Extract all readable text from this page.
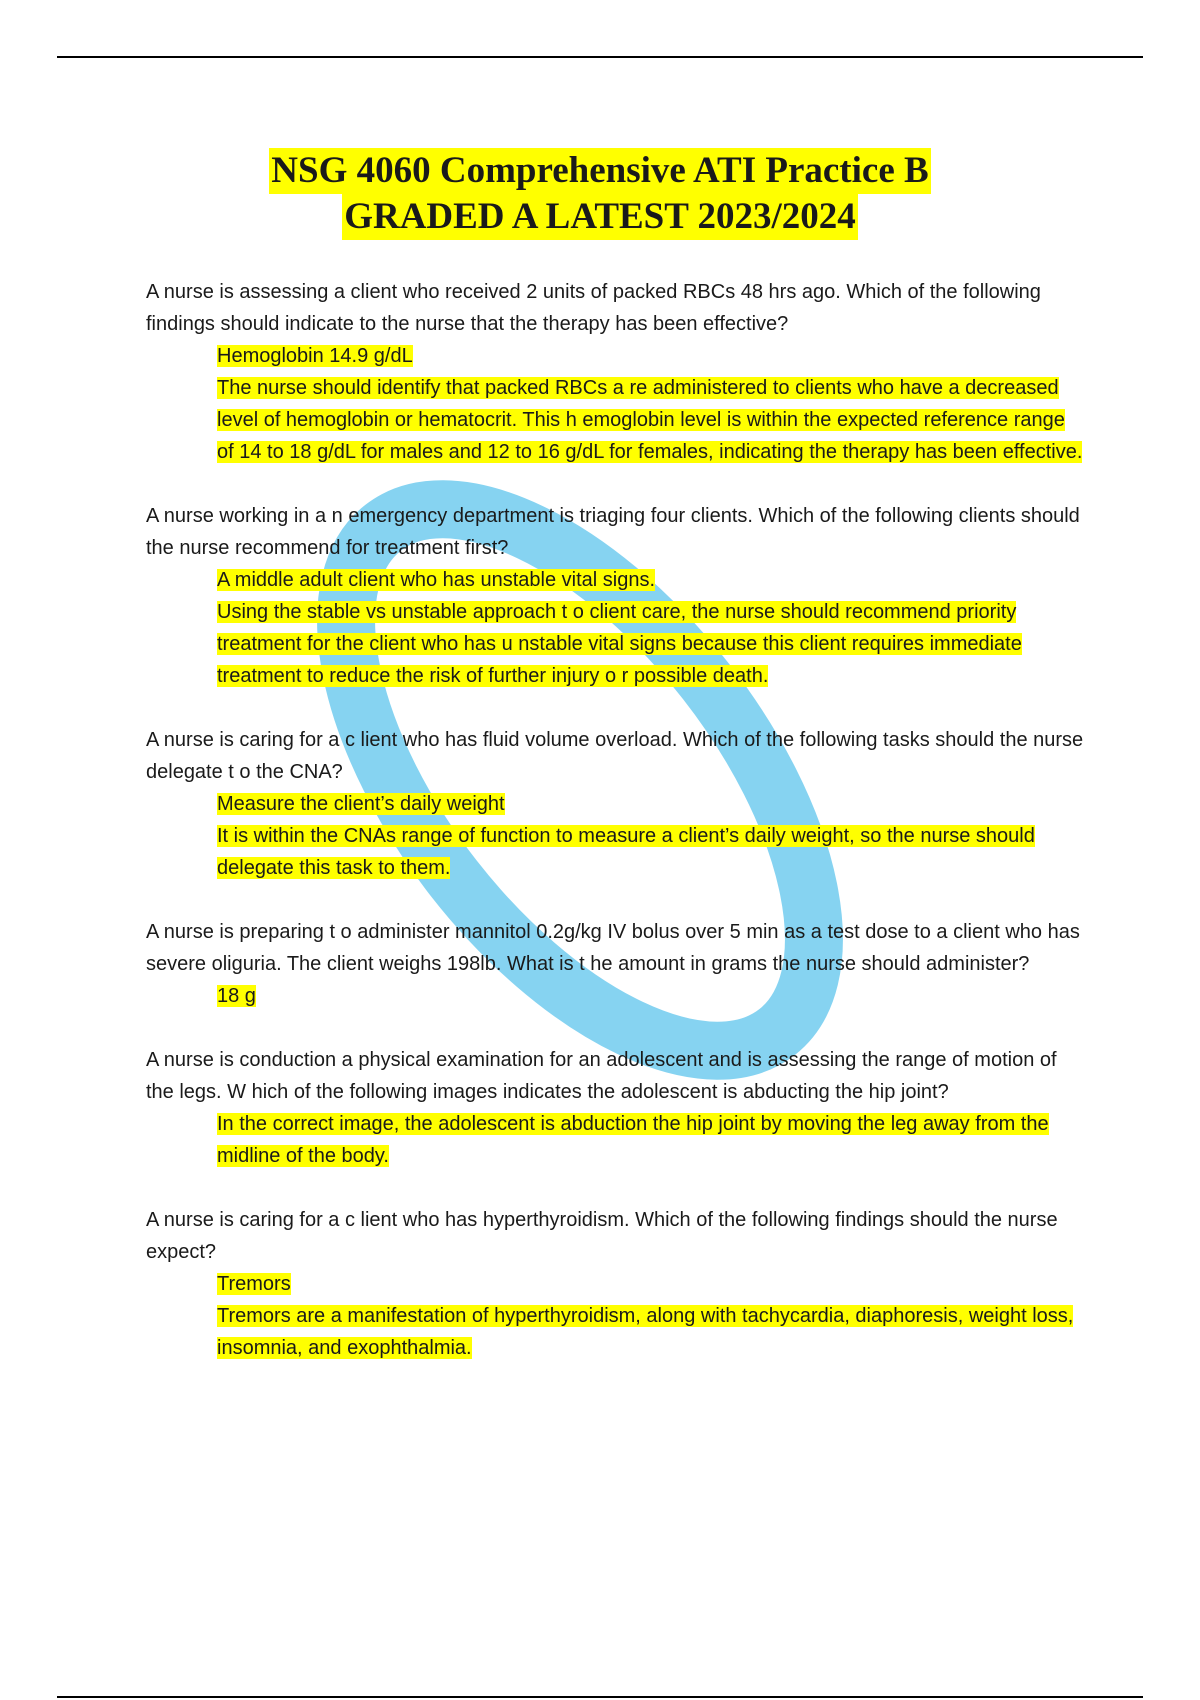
NSG 4060 Comprehensive ATI Practice B
GRADED A LATEST 2023/2024

A nurse is assessing a client who received 2 units of packed RBCs 48 hrs ago. Which of the following findings should indicate to the nurse that the therapy has been effective?

Hemoglobin 14.9 g/dL

The nurse should identify that packed RBCs a re administered to clients who have a decreased level of hemoglobin or hematocrit. This h emoglobin level is within the expected reference range of 14 to 18 g/dL for males and 12 to 16 g/dL for females, indicating the therapy has been effective.

A nurse working in a n emergency department is triaging four clients. Which of the following clients should the nurse recommend for treatment first?

A middle adult client who has unstable vital signs.

Using the stable vs unstable approach t o client care, the nurse should recommend priority treatment for the client who has u nstable vital signs because this client requires immediate treatment to reduce the risk of further injury o r possible death.

A nurse is caring for a c lient who has fluid volume overload. Which of the following tasks should the nurse delegate t o the CNA?

Measure the client’s daily weight

It is within the CNAs range of function to measure a client’s daily weight, so the nurse should delegate this task to them.

A nurse is preparing t o administer mannitol 0.2g/kg IV bolus over 5 min as a test dose to a client who has severe oliguria. The client weighs 198lb. What is t he amount in grams the nurse should administer?

18 g

A nurse is conduction a physical examination for an adolescent and is assessing the range of motion of the legs. W hich of the following images indicates the adolescent is abducting the hip joint?

In the correct image, the adolescent is abduction the hip joint by moving the leg away from the midline of the body.

A nurse is caring for a c lient who has hyperthyroidism. Which of the following findings should the nurse expect?

Tremors

Tremors are a manifestation of hyperthyroidism, along with tachycardia, diaphoresis, weight loss, insomnia, and exophthalmia.
